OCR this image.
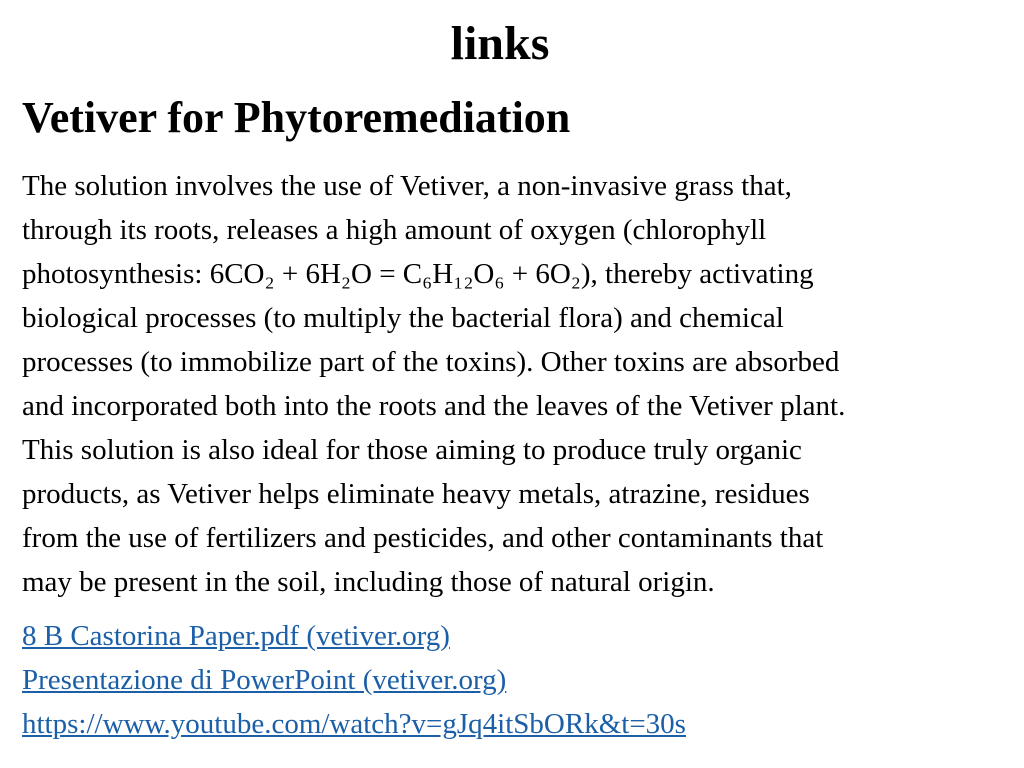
links
Vetiver for Phytoremediation

The solution involves the use of Vetiver, a non-invasive grass that,
through its roots, releases a high amount of oxygen (chlorophyll
photosynthesis: 6CO₂ + 6H₂O = C₆H₁₂O₆ + 6O₂), thereby activating
biological processes (to multiply the bacterial flora) and chemical
processes (to immobilize part of the toxins). Other toxins are absorbed
and incorporated both into the roots and the leaves of the Vetiver plant.
This solution is also ideal for those aiming to produce truly organic
products, as Vetiver helps eliminate heavy metals, atrazine, residues
from the use of fertilizers and pesticides, and other contaminants that
may be present in the soil, including those of natural origin.

8 B Castorina Paper.pdf (vetiver.org)
Presentazione di PowerPoint (vetiver.org)
https://www.youtube.com/watch?v=gJq4itSbORk&t=30s
